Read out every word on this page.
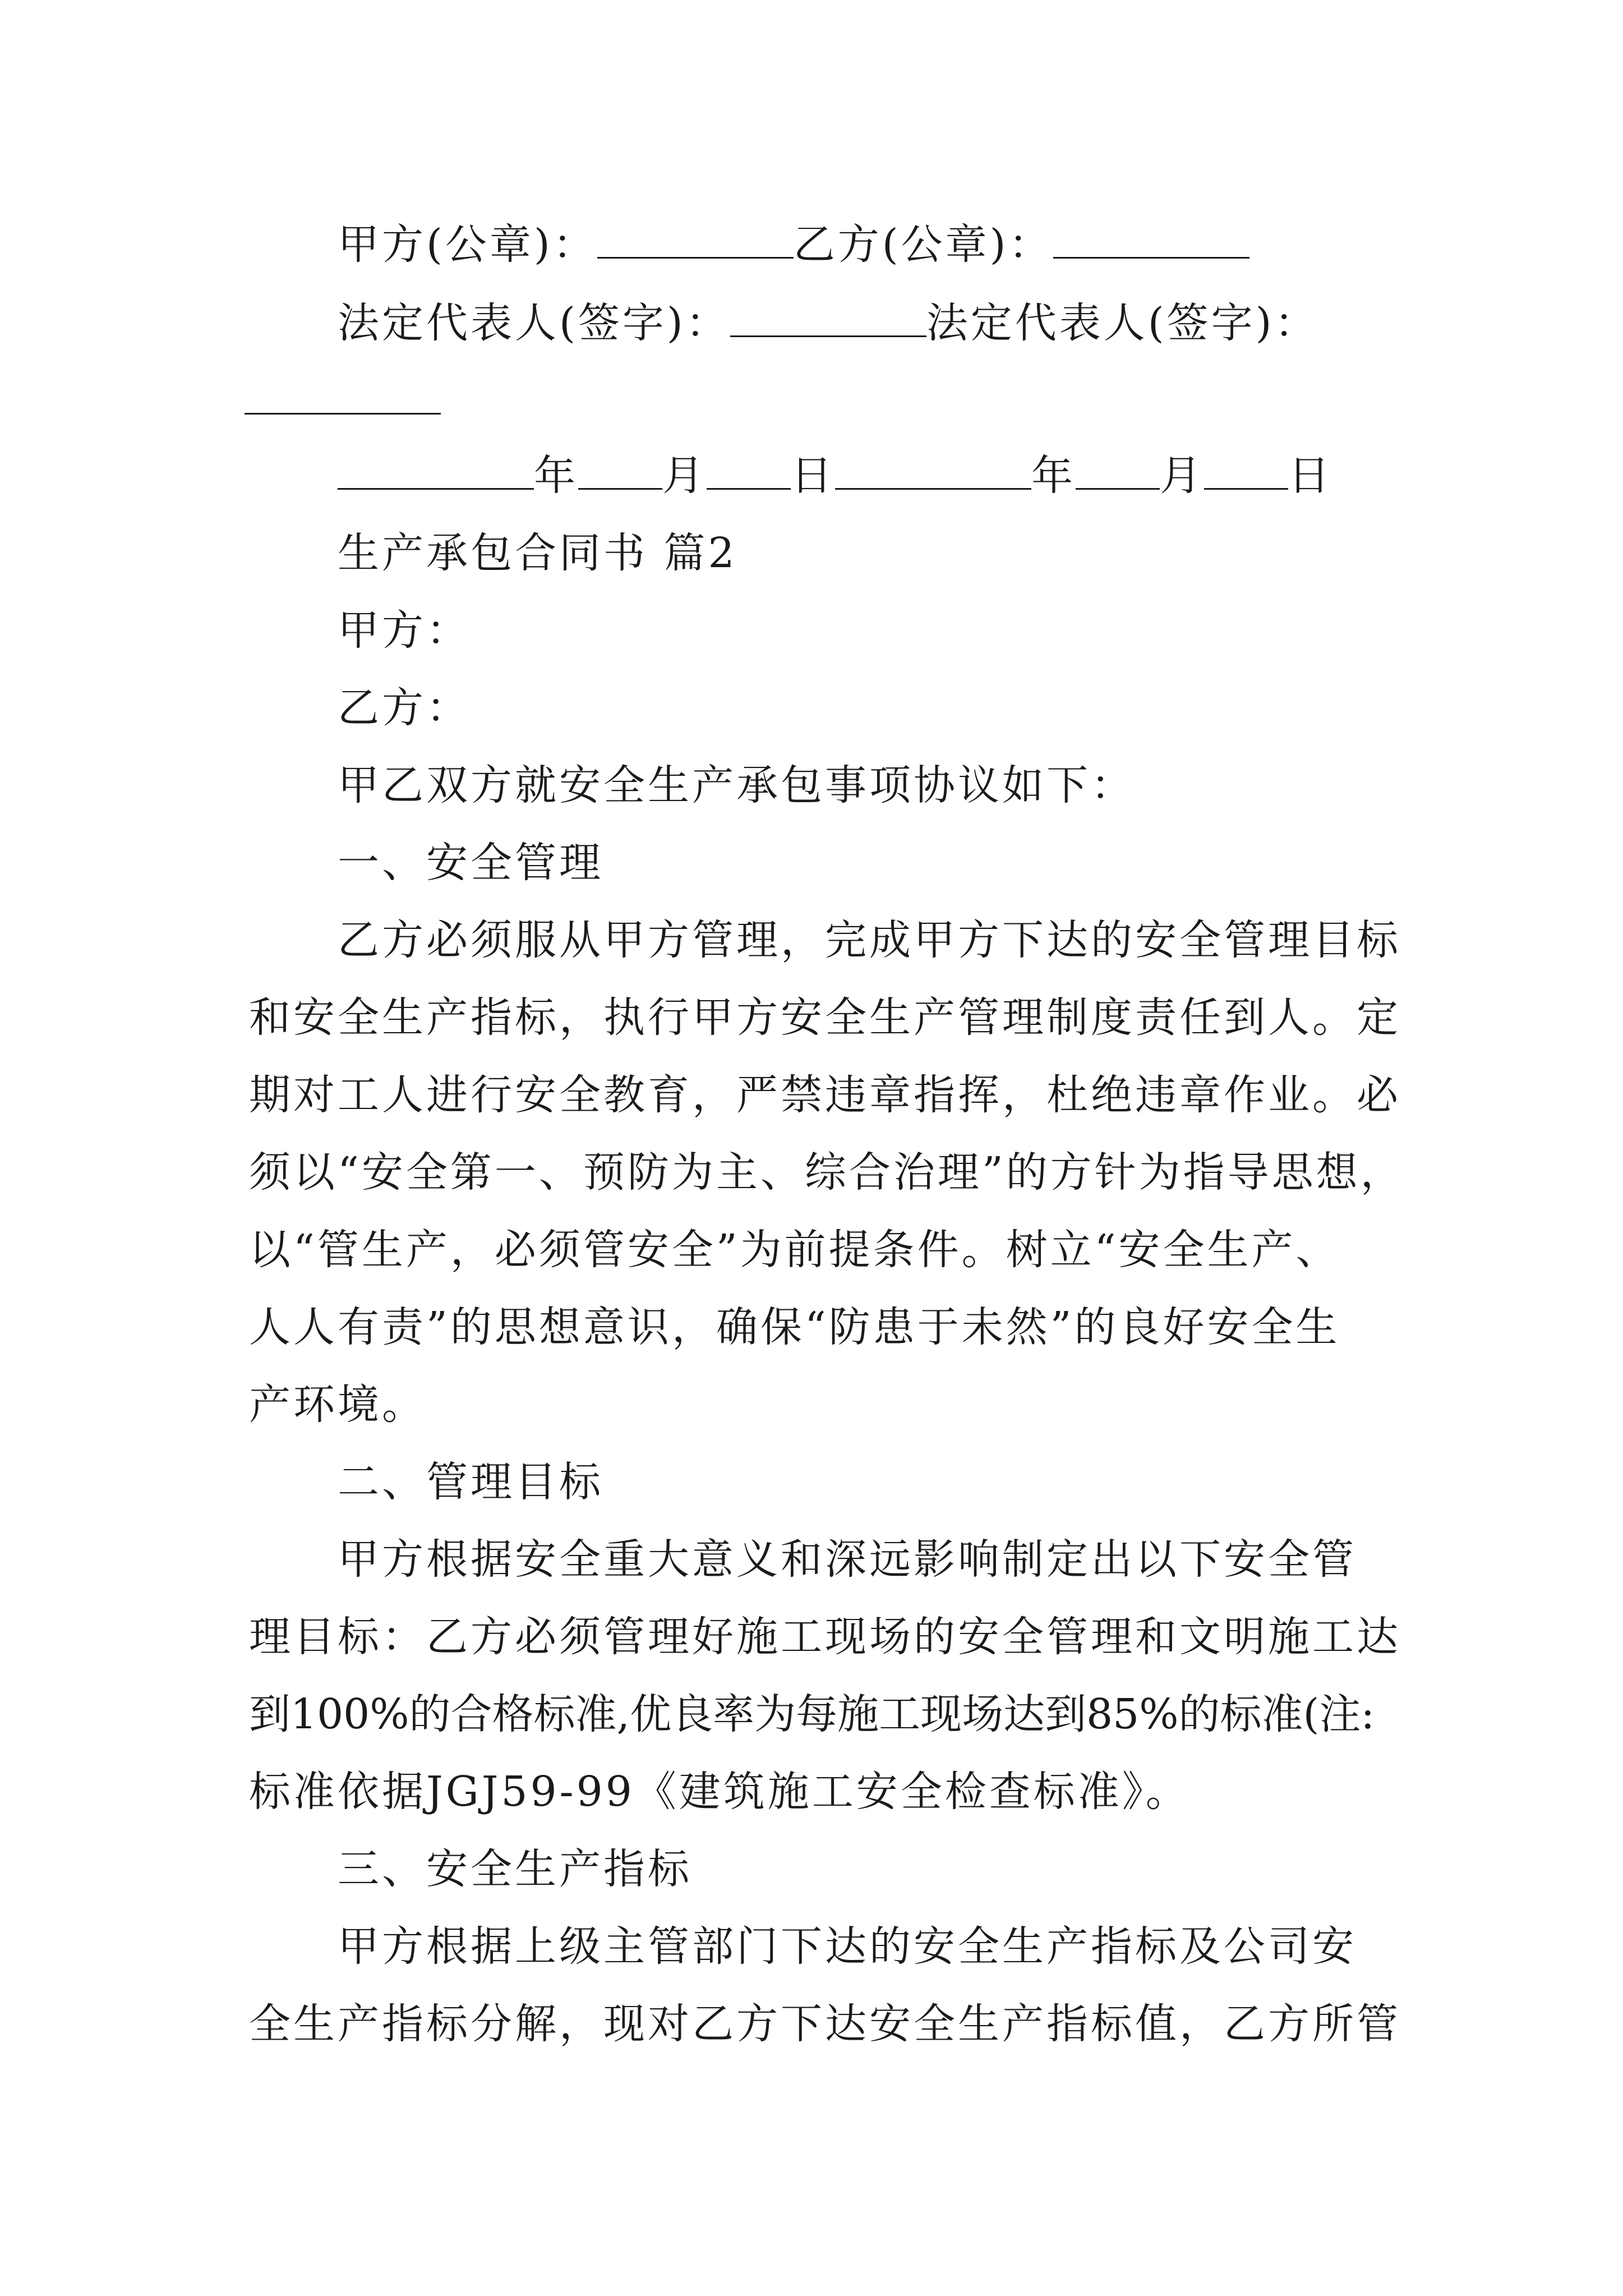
甲方(公章)：	乙方(公章)：

法定代表人(签字)：	法定代表人(签字)：

年 月 日	年 月 日

生产承包合同书 篇2

甲方：

乙方：

甲乙双方就安全生产承包事项协议如下：

一、安全管理

乙方必须服从甲方管理，完成甲方下达的安全管理目标

和安全生产指标，执行甲方安全生产管理制度责任到人。定

期对工人进行安全教育，严禁违章指挥，杜绝违章作业。必

须以“安全第一、预防为主、综合治理”的方针为指导思想，

以“管生产，必须管安全”为前提条件。树立“安全生产、

人人有责”的思想意识，确保“防患于未然”的良好安全生

产环境。

二、管理目标

甲方根据安全重大意义和深远影响制定出以下安全管

理目标：乙方必须管理好施工现场的安全管理和文明施工达

到100%的合格标准,优良率为每施工现场达到85%的标准(注:

标准依据JGJ59-99《建筑施工安全检查标准》。

三、安全生产指标

甲方根据上级主管部门下达的安全生产指标及公司安

全生产指标分解，现对乙方下达安全生产指标值，乙方所管
